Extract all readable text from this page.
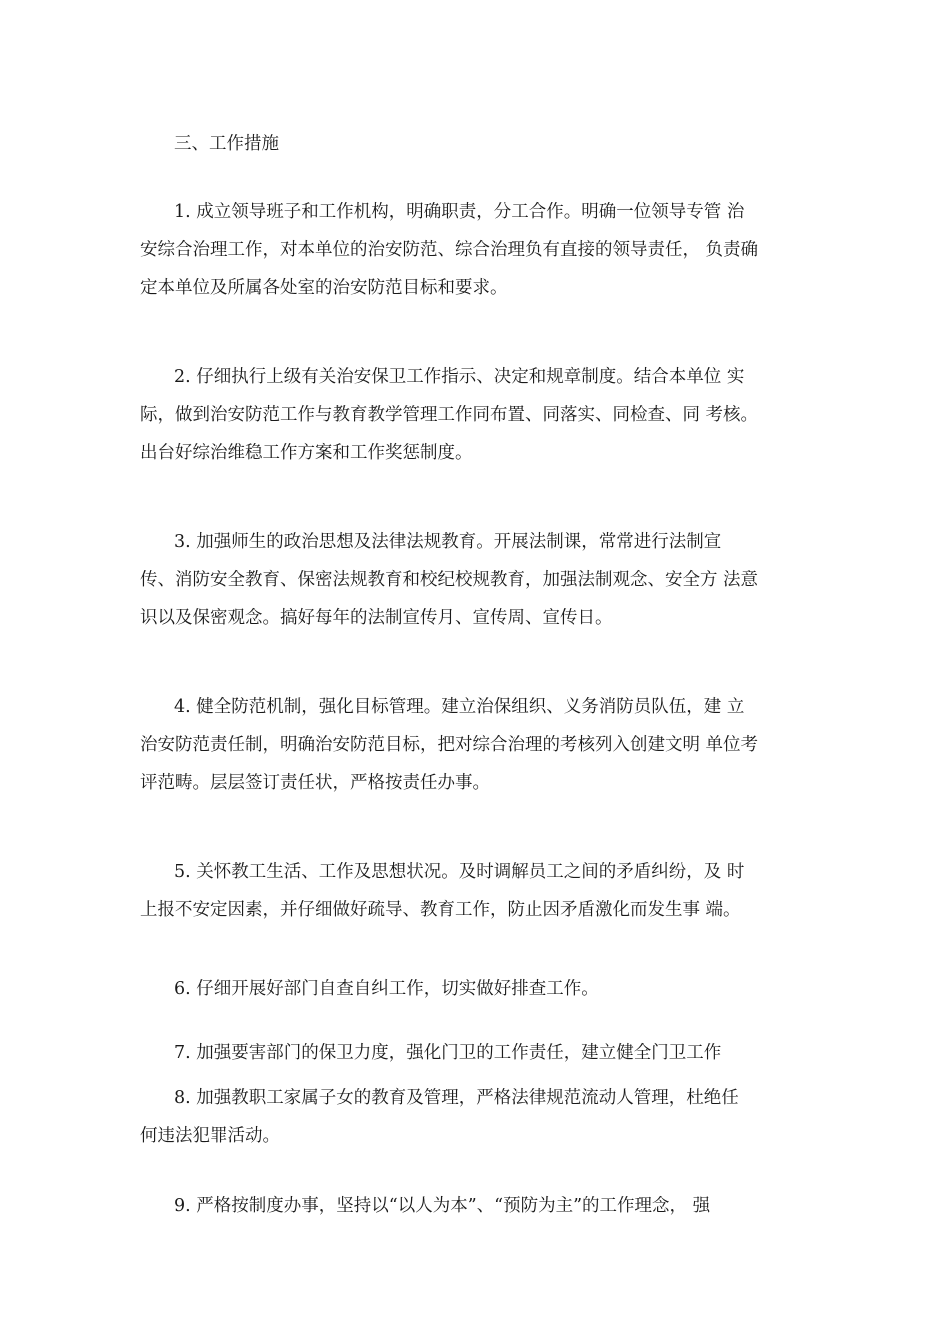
三、工作措施
1. 成立领导班子和工作机构，明确职责，分工合作。明确一位领导专管 治
安综合治理工作，对本单位的治安防范、综合治理负有直接的领导责任， 负责确
定本单位及所属各处室的治安防范目标和要求。
2. 仔细执行上级有关治安保卫工作指示、决定和规章制度。结合本单位 实
际，做到治安防范工作与教育教学管理工作同布置、同落实、同检查、同 考核。
出台好综治维稳工作方案和工作奖惩制度。
3. 加强师生的政治思想及法律法规教育。开展法制课，常常进行法制宣
传、消防安全教育、保密法规教育和校纪校规教育，加强法制观念、安全方 法意
识以及保密观念。搞好每年的法制宣传月、宣传周、宣传日。
4. 健全防范机制，强化目标管理。建立治保组织、义务消防员队伍，建 立
治安防范责任制，明确治安防范目标，把对综合治理的考核列入创建文明 单位考
评范畴。层层签订责任状，严格按责任办事。
5. 关怀教工生活、工作及思想状况。及时调解员工之间的矛盾纠纷，及 时
上报不安定因素，并仔细做好疏导、教育工作，防止因矛盾激化而发生事 端。
6. 仔细开展好部门自查自纠工作，切实做好排查工作。
7. 加强要害部门的保卫力度，强化门卫的工作责任，建立健全门卫工作
8. 加强教职工家属子女的教育及管理，严格法律规范流动人管理，杜绝任
何违法犯罪活动。
9. 严格按制度办事，坚持以“以人为本”、“预防为主”的工作理念， 强
